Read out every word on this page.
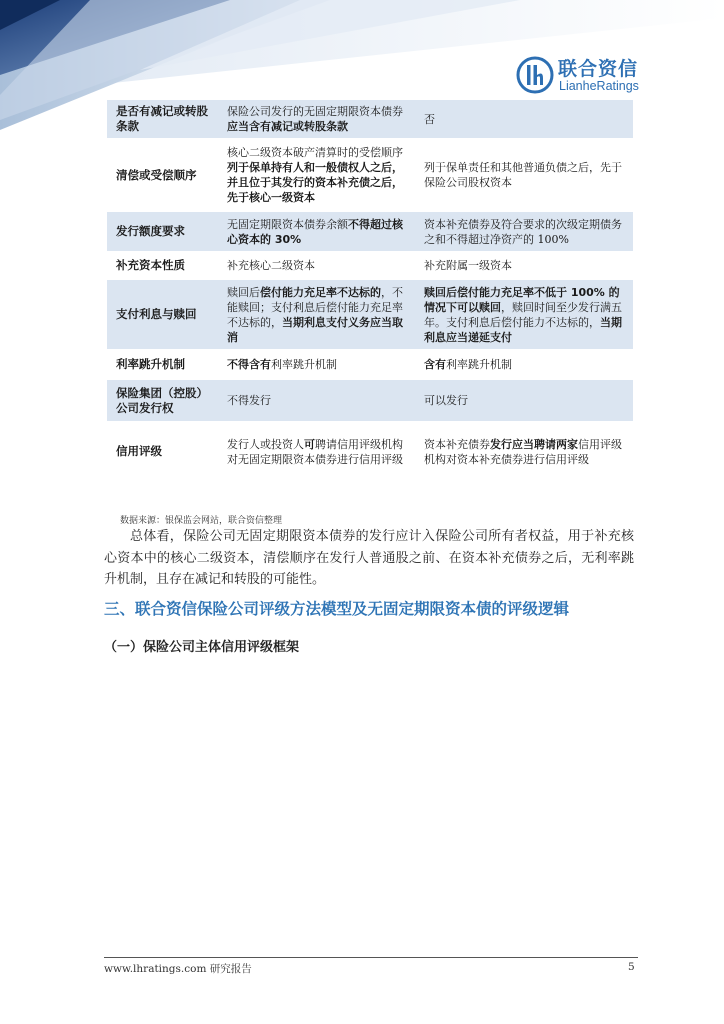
联合资信
LianheRatings
是否有减记或转股条款	保险公司发行的无固定期限资本债券应当含有减记或转股条款	否
清偿或受偿顺序	核心二级资本破产清算时的受偿顺序列于保单持有人和一般债权人之后，并且位于其发行的资本补充债之后，先于核心一级资本	列于保单责任和其他普通负债之后，先于保险公司股权资本
发行额度要求	无固定期限资本债券余额不得超过核心资本的 30%	资本补充债券及符合要求的次级定期债务之和不得超过净资产的 100%
补充资本性质	补充核心二级资本	补充附属一级资本
支付利息与赎回	赎回后偿付能力充足率不达标的，不能赎回；支付利息后偿付能力充足率不达标的，当期利息支付义务应当取消	赎回后偿付能力充足率不低于 100% 的情况下可以赎回，赎回时间至少发行满五年。支付利息后偿付能力不达标的，当期利息应当递延支付
利率跳升机制	不得含有利率跳升机制	含有利率跳升机制
保险集团（控股）公司发行权	不得发行	可以发行
信用评级	发行人或投资人可聘请信用评级机构对无固定期限资本债券进行信用评级	资本补充债券发行应当聘请两家信用评级机构对资本补充债券进行信用评级
数据来源：银保监会网站，联合资信整理
总体看，保险公司无固定期限资本债券的发行应计入保险公司所有者权益，用于补充核心资本中的核心二级资本，清偿顺序在发行人普通股之前、在资本补充债券之后，无利率跳升机制，且存在减记和转股的可能性。
三、联合资信保险公司评级方法模型及无固定期限资本债的评级逻辑
（一）保险公司主体信用评级框架
www.lhratings.com 研究报告	5
